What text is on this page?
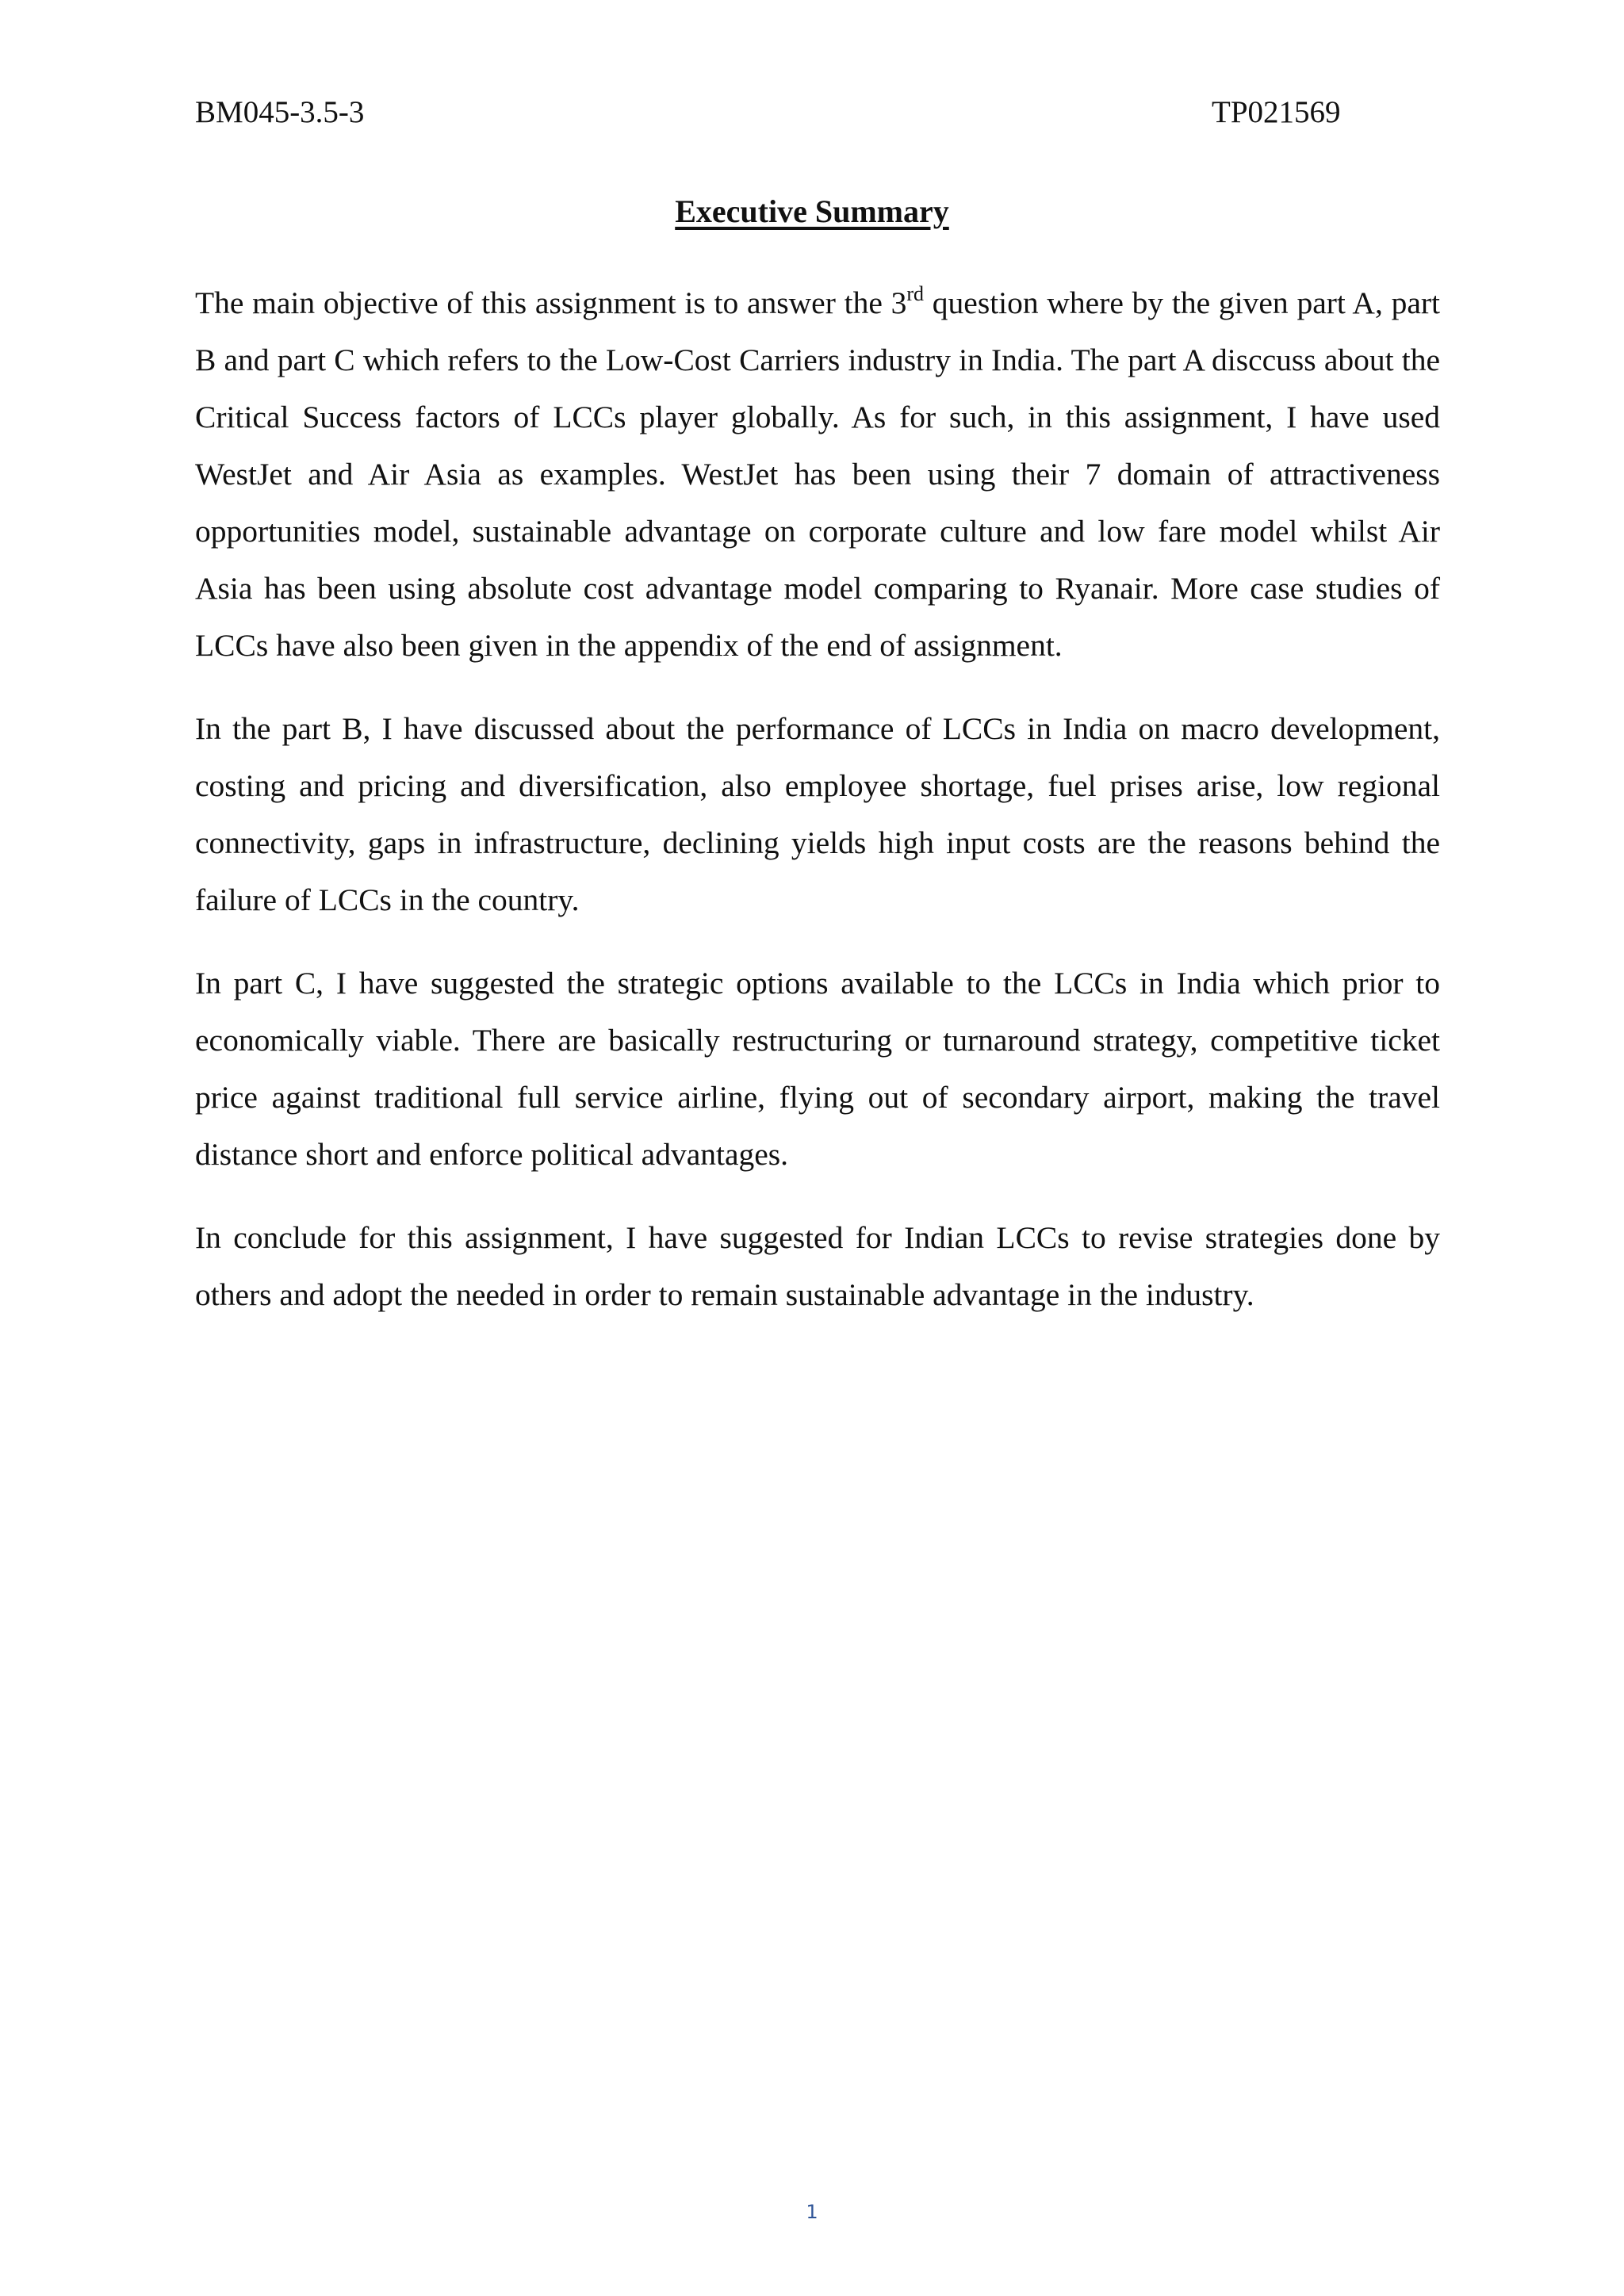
BM045-3.5-3	TP021569

Executive Summary

The main objective of this assignment is to answer the 3rd question where by the given part A, part B and part C which refers to the Low-Cost Carriers industry in India. The part A disccuss about the Critical Success factors of LCCs player globally. As for such, in this assignment, I have used WestJet and Air Asia as examples. WestJet has been using their 7 domain of attractiveness opportunities model, sustainable advantage on corporate culture and low fare model whilst Air Asia has been using absolute cost advantage model comparing to Ryanair. More case studies of LCCs have also been given in the appendix of the end of assignment.

In the part B, I have discussed about the performance of LCCs in India on macro development, costing and pricing and diversification, also employee shortage, fuel prises arise, low regional connectivity, gaps in infrastructure, declining yields high input costs are the reasons behind the failure of LCCs in the country.

In part C, I have suggested the strategic options available to the LCCs in India which prior to economically viable. There are basically restructuring or turnaround strategy, competitive ticket price against traditional full service airline, flying out of secondary airport, making the travel distance short and enforce political advantages.

In conclude for this assignment, I have suggested for Indian LCCs to revise strategies done by others and adopt the needed in order to remain sustainable advantage in the industry.

1
